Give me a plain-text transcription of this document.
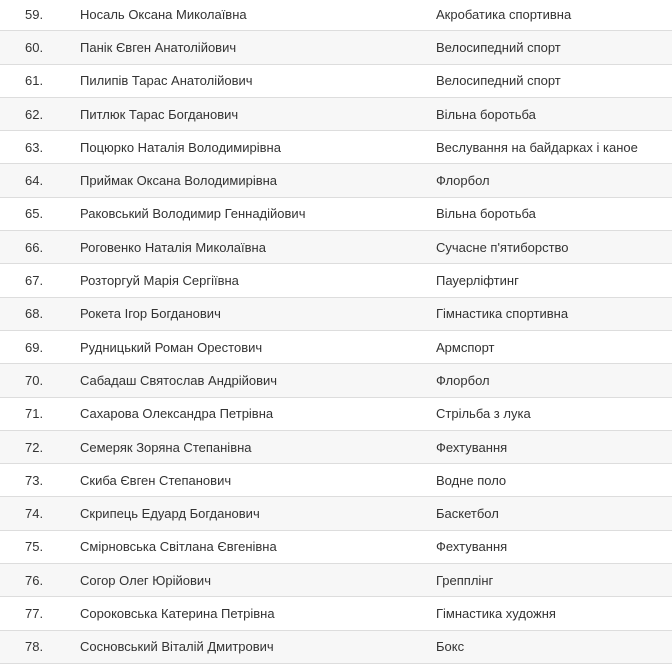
59.	Носаль Оксана Миколаївна	Акробатика спортивна
60.	Панік Євген Анатолійович	Велосипедний спорт
61.	Пилипів Тарас Анатолійович	Велосипедний спорт
62.	Питлюк Тарас Богданович	Вільна боротьба
63.	Поцюрко Наталія Володимирівна	Веслування на байдарках і каное
64.	Приймак Оксана Володимирівна	Флорбол
65.	Раковський Володимир Геннадійович	Вільна боротьба
66.	Роговенко Наталія Миколаївна	Сучасне п'ятиборство
67.	Розторгуй Марія Сергіївна	Пауерліфтинг
68.	Рокета Ігор Богданович	Гімнастика спортивна
69.	Рудницький Роман Орестович	Армспорт
70.	Сабадаш Святослав Андрійович	Флорбол
71.	Сахарова Олександра Петрівна	Стрільба з лука
72.	Семеряк Зоряна Степанівна	Фехтування
73.	Скиба Євген Степанович	Водне поло
74.	Скрипець Едуард Богданович	Баскетбол
75.	Смірновська Світлана Євгенівна	Фехтування
76.	Согор Олег Юрійович	Грепплінг
77.	Сороковська Катерина Петрівна	Гімнастика художня
78.	Сосновський Віталій Дмитрович	Бокс
